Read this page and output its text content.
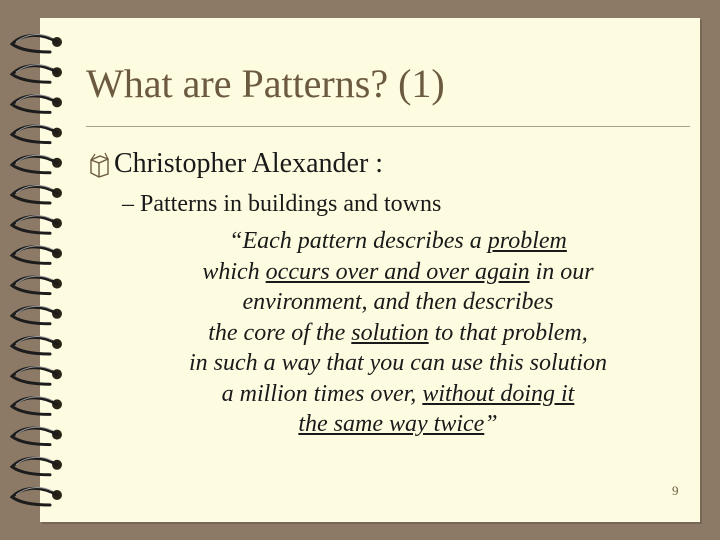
What are Patterns? (1)
Christopher Alexander :
– Patterns in buildings and towns
“Each pattern describes a problem
which occurs over and over again in our
environment, and then describes
the core of the solution to that problem,
in such a way that you can use this solution
a million times over, without doing it
the same way twice”
9
